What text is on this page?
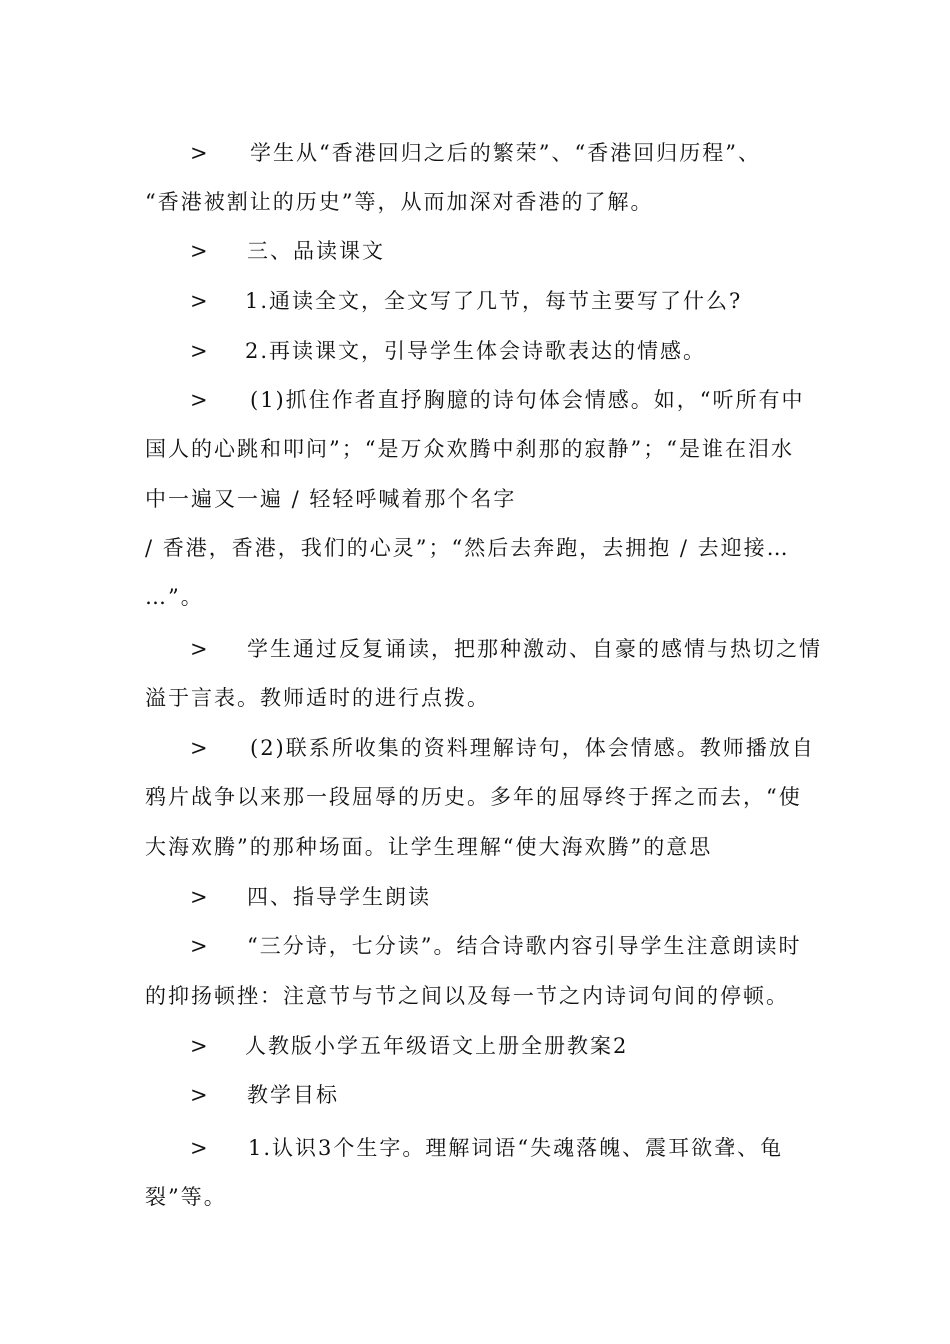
> 学生从“香港回归之后的繁荣”、“香港回归历程”、
“香港被割让的历史”等，从而加深对香港的了解。
> 三、品读课文
> 1.通读全文，全文写了几节，每节主要写了什么?
> 2.再读课文，引导学生体会诗歌表达的情感。
> (1)抓住作者直抒胸臆的诗句体会情感。如，“听所有中
国人的心跳和叩问”；“是万众欢腾中刹那的寂静”；“是谁在泪水
中一遍又一遍 / 轻轻呼喊着那个名字
/ 香港，香港，我们的心灵”；“然后去奔跑，去拥抱 / 去迎接…
…”。
> 学生通过反复诵读，把那种激动、自豪的感情与热切之情
溢于言表。教师适时的进行点拨。
> (2)联系所收集的资料理解诗句，体会情感。教师播放自
鸦片战争以来那一段屈辱的历史。多年的屈辱终于挥之而去，“使
大海欢腾”的那种场面。让学生理解“使大海欢腾”的意思
> 四、指导学生朗读
> “三分诗，七分读”。结合诗歌内容引导学生注意朗读时
的抑扬顿挫：注意节与节之间以及每一节之内诗词句间的停顿。
> 人教版小学五年级语文上册全册教案2
> 教学目标
> 1.认识3个生字。理解词语“失魂落魄、震耳欲聋、龟
裂”等。
